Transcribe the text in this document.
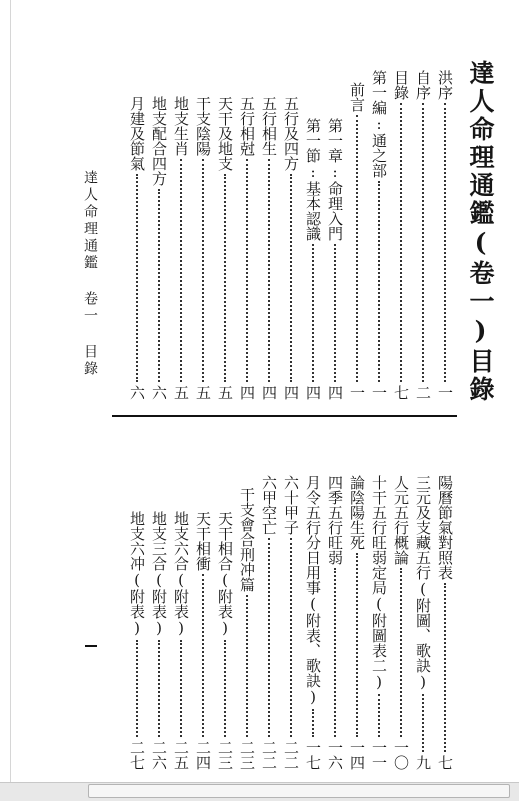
達人命理通鑑(卷一)目錄
洪序
一
自序
二
目錄
七
第一編:通之部
一
前言
一
第一章:命理入門
四
第一節:基本認識
四
五行及四方
四
五行相生
四
五行相尅
四
天干及地支
五
干支陰陽
五
地支生肖
五
地支配合四方
六
月建及節氣
六
達人命理通鑑 卷一 目錄
陽曆節氣對照表
七
三元及支藏五行(附圖、歌訣)
九
人元五行概論
一〇
十干五行旺弱定局(附圖表二)
一一
論陰陽生死
一四
四季五行旺弱
一六
月令五行分日用事(附表、歌訣)
一七
六十甲子
二二
六甲空亡
二二
干支會合刑冲篇
二三
天干相合(附表)
二三
天干相衝
二四
地支六合(附表)
二五
地支三合(附表)
二六
地支六冲(附表)
二七
